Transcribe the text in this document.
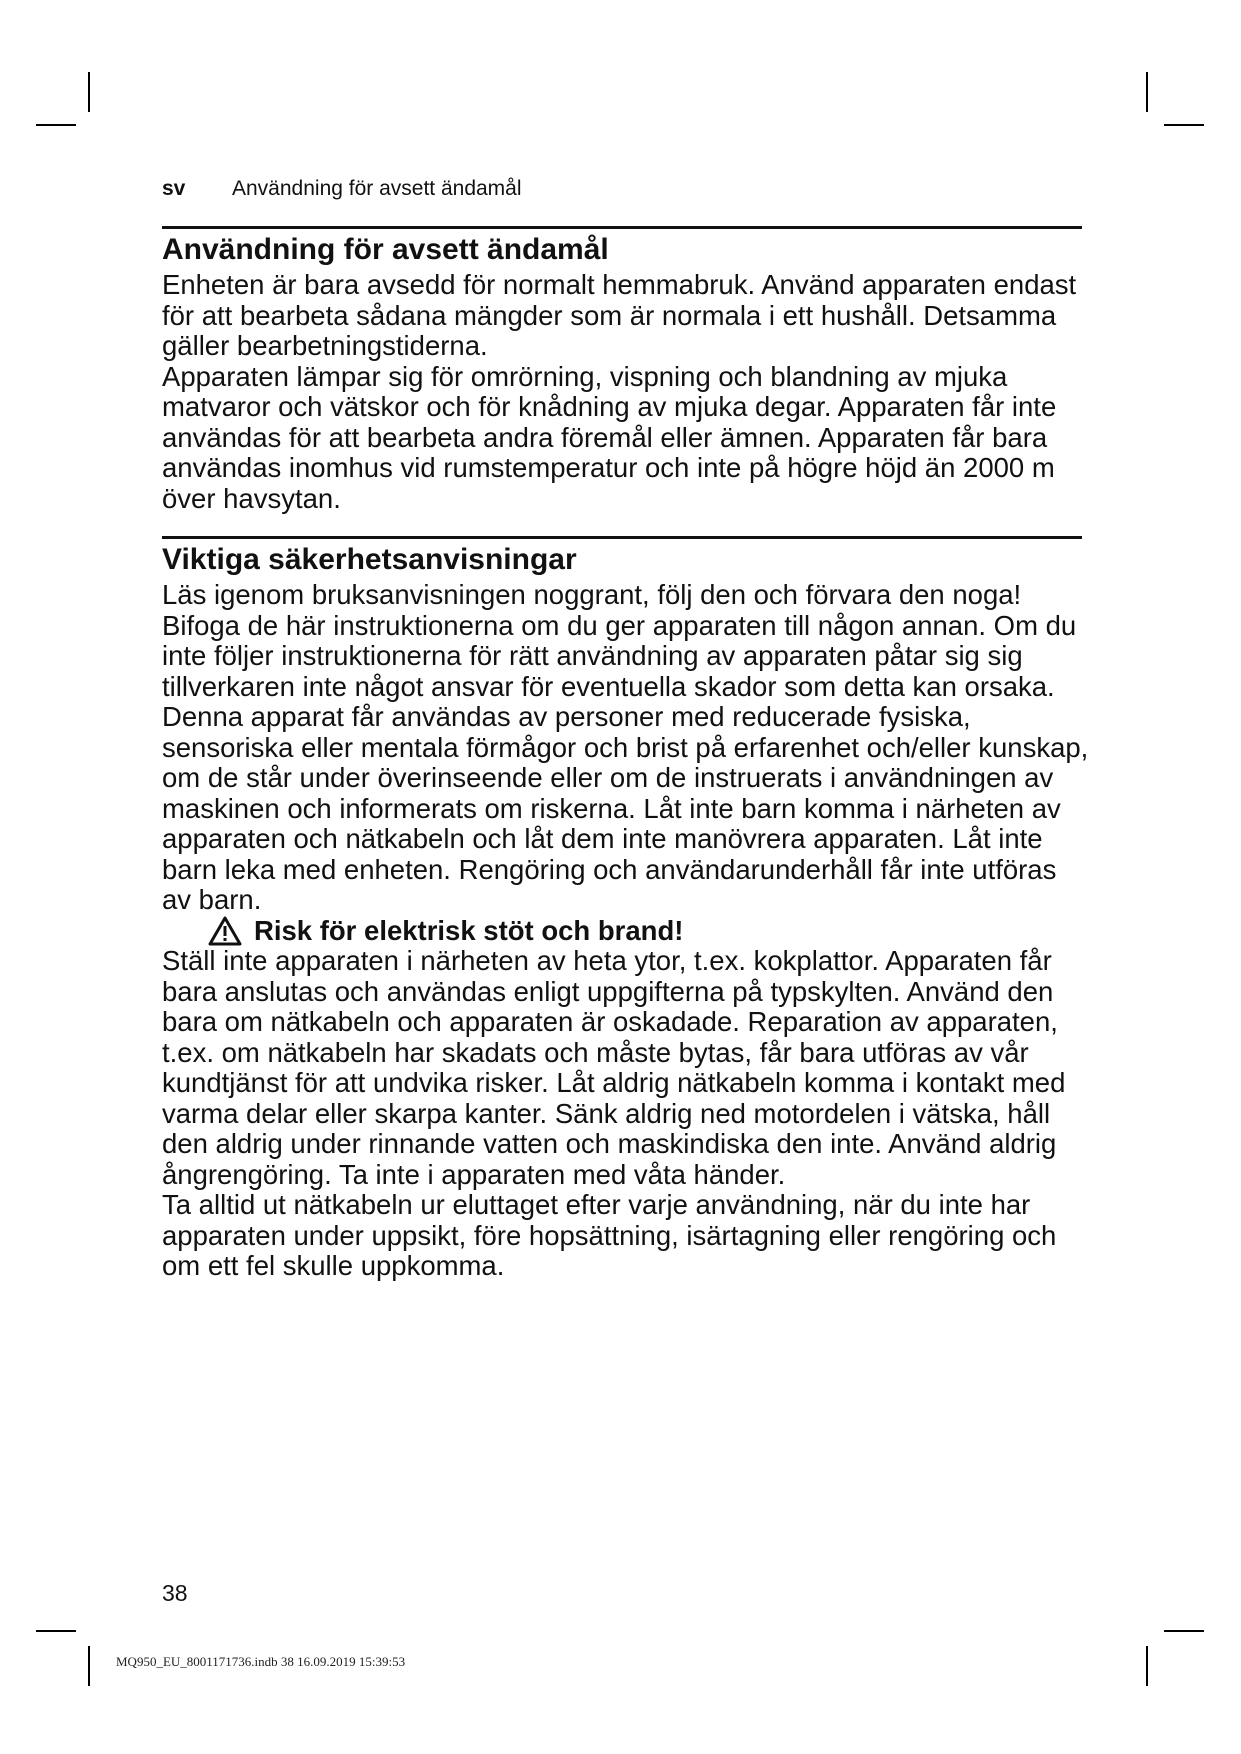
sv Användning för avsett ändamål
Användning för avsett ändamål

Enheten är bara avsedd för normalt hemmabruk. Använd apparaten endast för att bearbeta sådana mängder som är normala i ett hushåll. Detsamma gäller bearbetningstiderna.

Apparaten lämpar sig för omrörning, vispning och blandning av mjuka matvaror och vätskor och för knådning av mjuka degar. Apparaten får inte användas för att bearbeta andra föremål eller ämnen. Apparaten får bara användas inomhus vid rumstemperatur och inte på högre höjd än 2000 m över havsytan.

Viktiga säkerhetsanvisningar

Läs igenom bruksanvisningen noggrant, följ den och förvara den noga! Bifoga de här instruktionerna om du ger apparaten till någon annan. Om du inte följer instruktionerna för rätt användning av apparaten påtar sig sig tillverkaren inte något ansvar för eventuella skador som detta kan orsaka.

Denna apparat får användas av personer med reducerade fysiska, sensoriska eller mentala förmågor och brist på erfarenhet och/eller kunskap, om de står under överinseende eller om de instruerats i användningen av maskinen och informerats om riskerna. Låt inte barn komma i närheten av apparaten och nätkabeln och låt dem inte manövrera apparaten. Låt inte barn leka med enheten. Rengöring och användarunderhåll får inte utföras av barn.

Risk för elektrisk stöt och brand!

Ställ inte apparaten i närheten av heta ytor, t.ex. kokplattor. Apparaten får bara anslutas och användas enligt uppgifterna på typskylten. Använd den bara om nätkabeln och apparaten är oskadade. Reparation av apparaten, t.ex. om nätkabeln har skadats och måste bytas, får bara utföras av vår kundtjänst för att undvika risker. Låt aldrig nätkabeln komma i kontakt med varma delar eller skarpa kanter. Sänk aldrig ned motordelen i vätska, håll den aldrig under rinnande vatten och maskindiska den inte. Använd aldrig ångrengöring. Ta inte i apparaten med våta händer.

Ta alltid ut nätkabeln ur eluttaget efter varje användning, när du inte har apparaten under uppsikt, före hopsättning, isärtagning eller rengöring och om ett fel skulle uppkomma.

38
MQ950_EU_8001171736.indb 38 16.09.2019 15:39:53
